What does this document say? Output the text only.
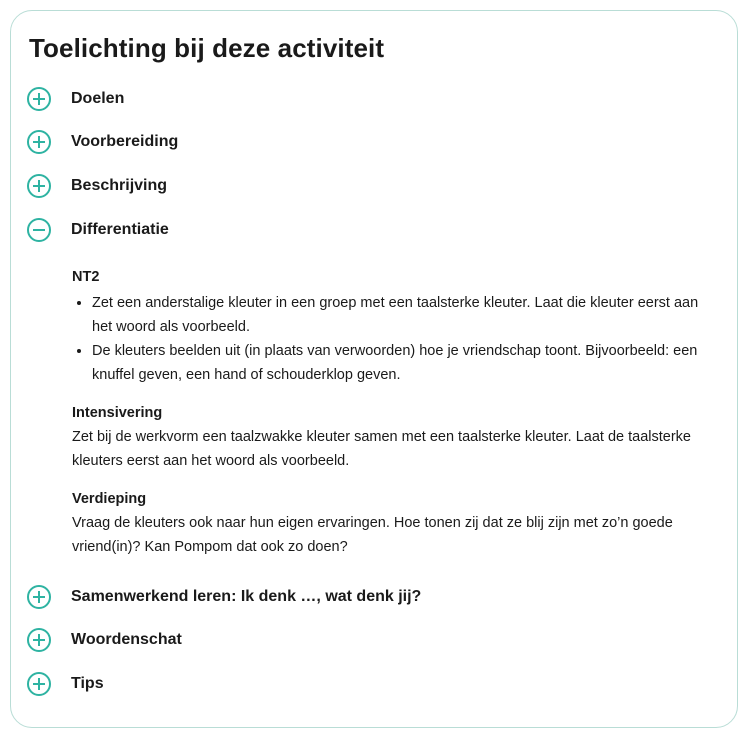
Toelichting bij deze activiteit
Doelen
Voorbereiding
Beschrijving
Differentiatie

NT2

• Zet een anderstalige kleuter in een groep met een taalsterke kleuter. Laat die kleuter eerst aan het woord als voorbeeld.
• De kleuters beelden uit (in plaats van verwoorden) hoe je vriendschap toont. Bijvoorbeeld: een knuffel geven, een hand of schouderklop geven.

Intensivering

Zet bij de werkvorm een taalzwakke kleuter samen met een taalsterke kleuter. Laat de taalsterke kleuters eerst aan het woord als voorbeeld.

Verdieping

Vraag de kleuters ook naar hun eigen ervaringen. Hoe tonen zij dat ze blij zijn met zo’n goede vriend(in)? Kan Pompom dat ook zo doen?

Samenwerkend leren: Ik denk …, wat denk jij?
Woordenschat
Tips
